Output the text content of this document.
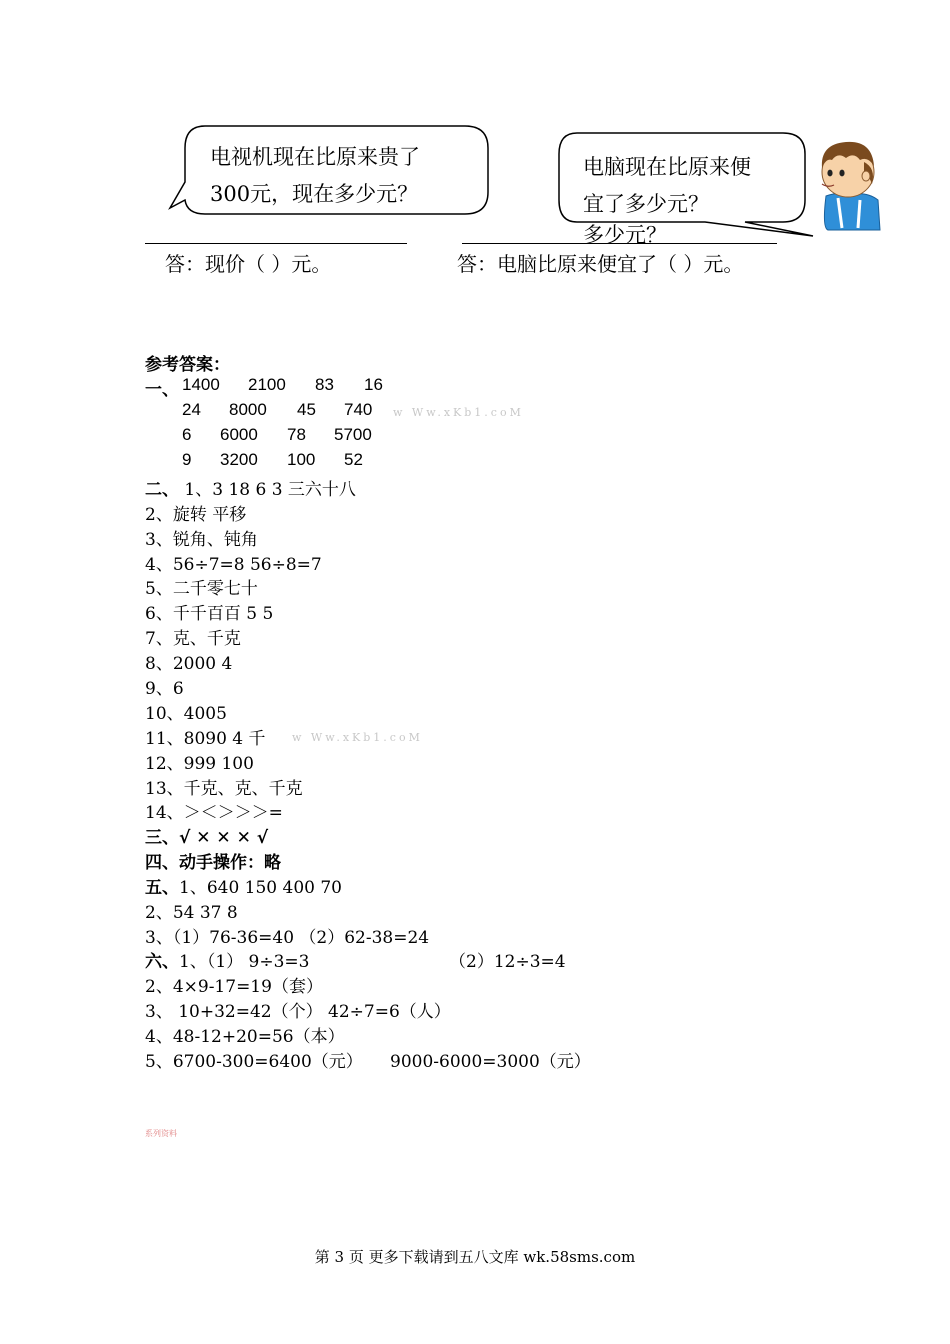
电视机现在比原来贵了
300元，现在多少元？
电脑现在比原来便
宜了多少元？
多少元？
答：现价（ ）元。	答：电脑比原来便宜了（ ）元。
参考答案：
一、 1400 2100 83 16
24 8000 45 740
6 6000 78 5700
9 3200 100 52
w Ww.xKb1.coM
二、 1、3 18 6 3 三六十八
2、旋转 平移
3、锐角、钝角
4、56÷7=8 56÷8=7
5、二千零七十
6、千千百百 5 5
7、克、千克
8、2000 4
9、6
10、4005
11、8090 4 千 w Ww.xKb1.coM
12、999 100
13、千克、克、千克
14、＞＜＞＞＞=
三、√ ✕ ✕ ✕ √
四、动手操作：略
五、1、640 150 400 70
2、54 37 8
3、（1）76-36=40 （2）62-38=24
六、1、（1） 9÷3=3	（2）12÷3=4
2、4×9-17=19（套）
3、 10+32=42（个） 42÷7=6（人）
4、48-12+20=56（本）
5、6700-300=6400（元） 9000-6000=3000（元）
系列资料
第 3 页 更多下载请到五八文库 wk.58sms.com
